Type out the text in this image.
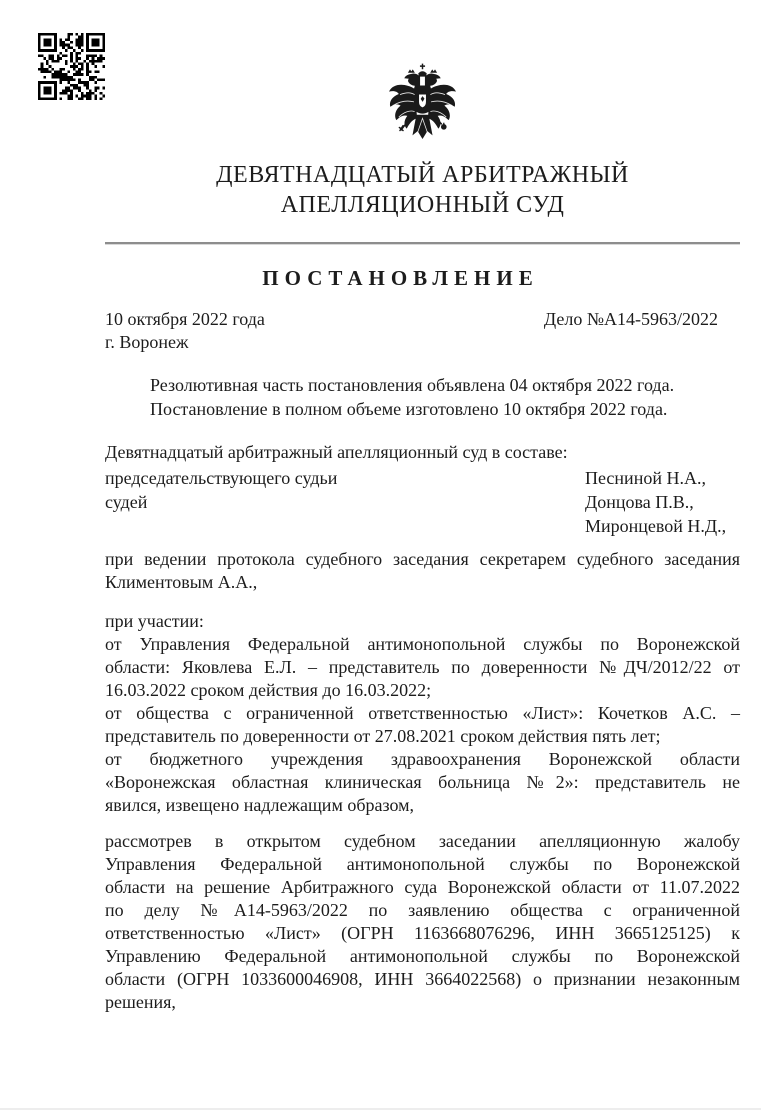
ДЕВЯТНАДЦАТЫЙ АРБИТРАЖНЫЙ
АПЕЛЛЯЦИОННЫЙ СУД
ПОСТАНОВЛЕНИЕ
10 октября 2022 года	Дело №А14-5963/2022
г. Воронеж
Резолютивная часть постановления объявлена 04 октября 2022 года.
Постановление в полном объеме изготовлено 10 октября 2022 года.
Девятнадцатый арбитражный апелляционный суд в составе:
председательствующего судьи	Песниной Н.А.,
судей	Донцова П.В.,
Миронцевой Н.Д.,
при ведении протокола судебного заседания секретарем судебного заседания
Климентовым А.А.,
при участии:
от Управления Федеральной антимонопольной службы по Воронежской
области: Яковлева Е.Л. – представитель по доверенности №ДЧ/2012/22 от
16.03.2022 сроком действия до 16.03.2022;
от общества с ограниченной ответственностью «Лист»: Кочетков А.С. –
представитель по доверенности от 27.08.2021 сроком действия пять лет;
от бюджетного учреждения здравоохранения Воронежской области
«Воронежская областная клиническая больница №2»: представитель не
явился, извещено надлежащим образом,
рассмотрев в открытом судебном заседании апелляционную жалобу
Управления Федеральной антимонопольной службы по Воронежской
области на решение Арбитражного суда Воронежской области от 11.07.2022
по делу №А14-5963/2022 по заявлению общества с ограниченной
ответственностью «Лист» (ОГРН 1163668076296, ИНН 3665125125) к
Управлению Федеральной антимонопольной службы по Воронежской
области (ОГРН 1033600046908, ИНН 3664022568) о признании незаконным
решения,
